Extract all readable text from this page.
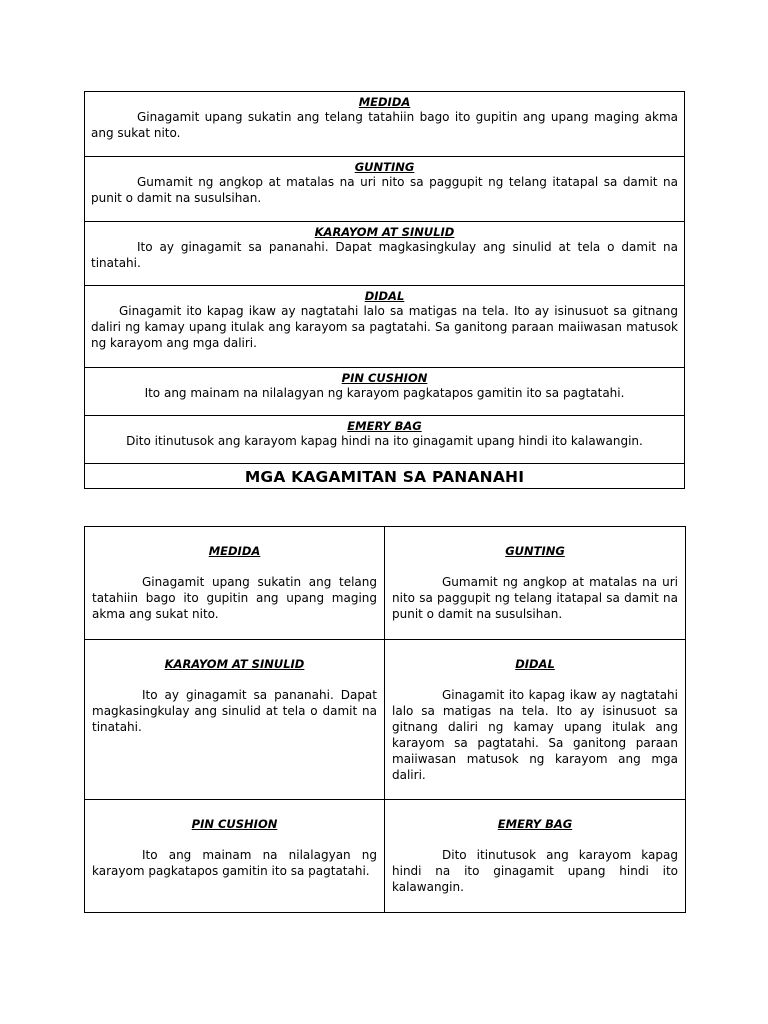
MEDIDA
Ginagamit upang sukatin ang telang tatahiin bago ito gupitin ang upang maging akma ang sukat nito.
GUNTING
Gumamit ng angkop at matalas na uri nito sa paggupit ng telang itatapal sa damit na punit o damit na susulsihan.
KARAYOM AT SINULID
Ito ay ginagamit sa pananahi. Dapat magkasingkulay ang sinulid at tela o damit na tinatahi.
DIDAL
Ginagamit ito kapag ikaw ay nagtatahi lalo sa matigas na tela. Ito ay isinusuot sa gitnang daliri ng kamay upang itulak ang karayom sa pagtatahi. Sa ganitong paraan maiiwasan matusok ng karayom ang mga daliri.
PIN CUSHION
Ito ang mainam na nilalagyan ng karayom pagkatapos gamitin ito sa pagtatahi.
EMERY BAG
Dito itinutusok ang karayom kapag hindi na ito ginagamit upang hindi ito kalawangin.
MGA KAGAMITAN SA PANANAHI
MEDIDA
Ginagamit upang sukatin ang telang tatahiin bago ito gupitin ang upang maging akma ang sukat nito.
GUNTING
Gumamit ng angkop at matalas na uri nito sa paggupit ng telang itatapal sa damit na punit o damit na susulsihan.
KARAYOM AT SINULID
Ito ay ginagamit sa pananahi. Dapat magkasingkulay ang sinulid at tela o damit na tinatahi.
DIDAL
Ginagamit ito kapag ikaw ay nagtatahi lalo sa matigas na tela. Ito ay isinusuot sa gitnang daliri ng kamay upang itulak ang karayom sa pagtatahi. Sa ganitong paraan maiiwasan matusok ng karayom ang mga daliri.
PIN CUSHION
Ito ang mainam na nilalagyan ng karayom pagkatapos gamitin ito sa pagtatahi.
EMERY BAG
Dito itinutusok ang karayom kapag hindi na ito ginagamit upang hindi ito kalawangin.
